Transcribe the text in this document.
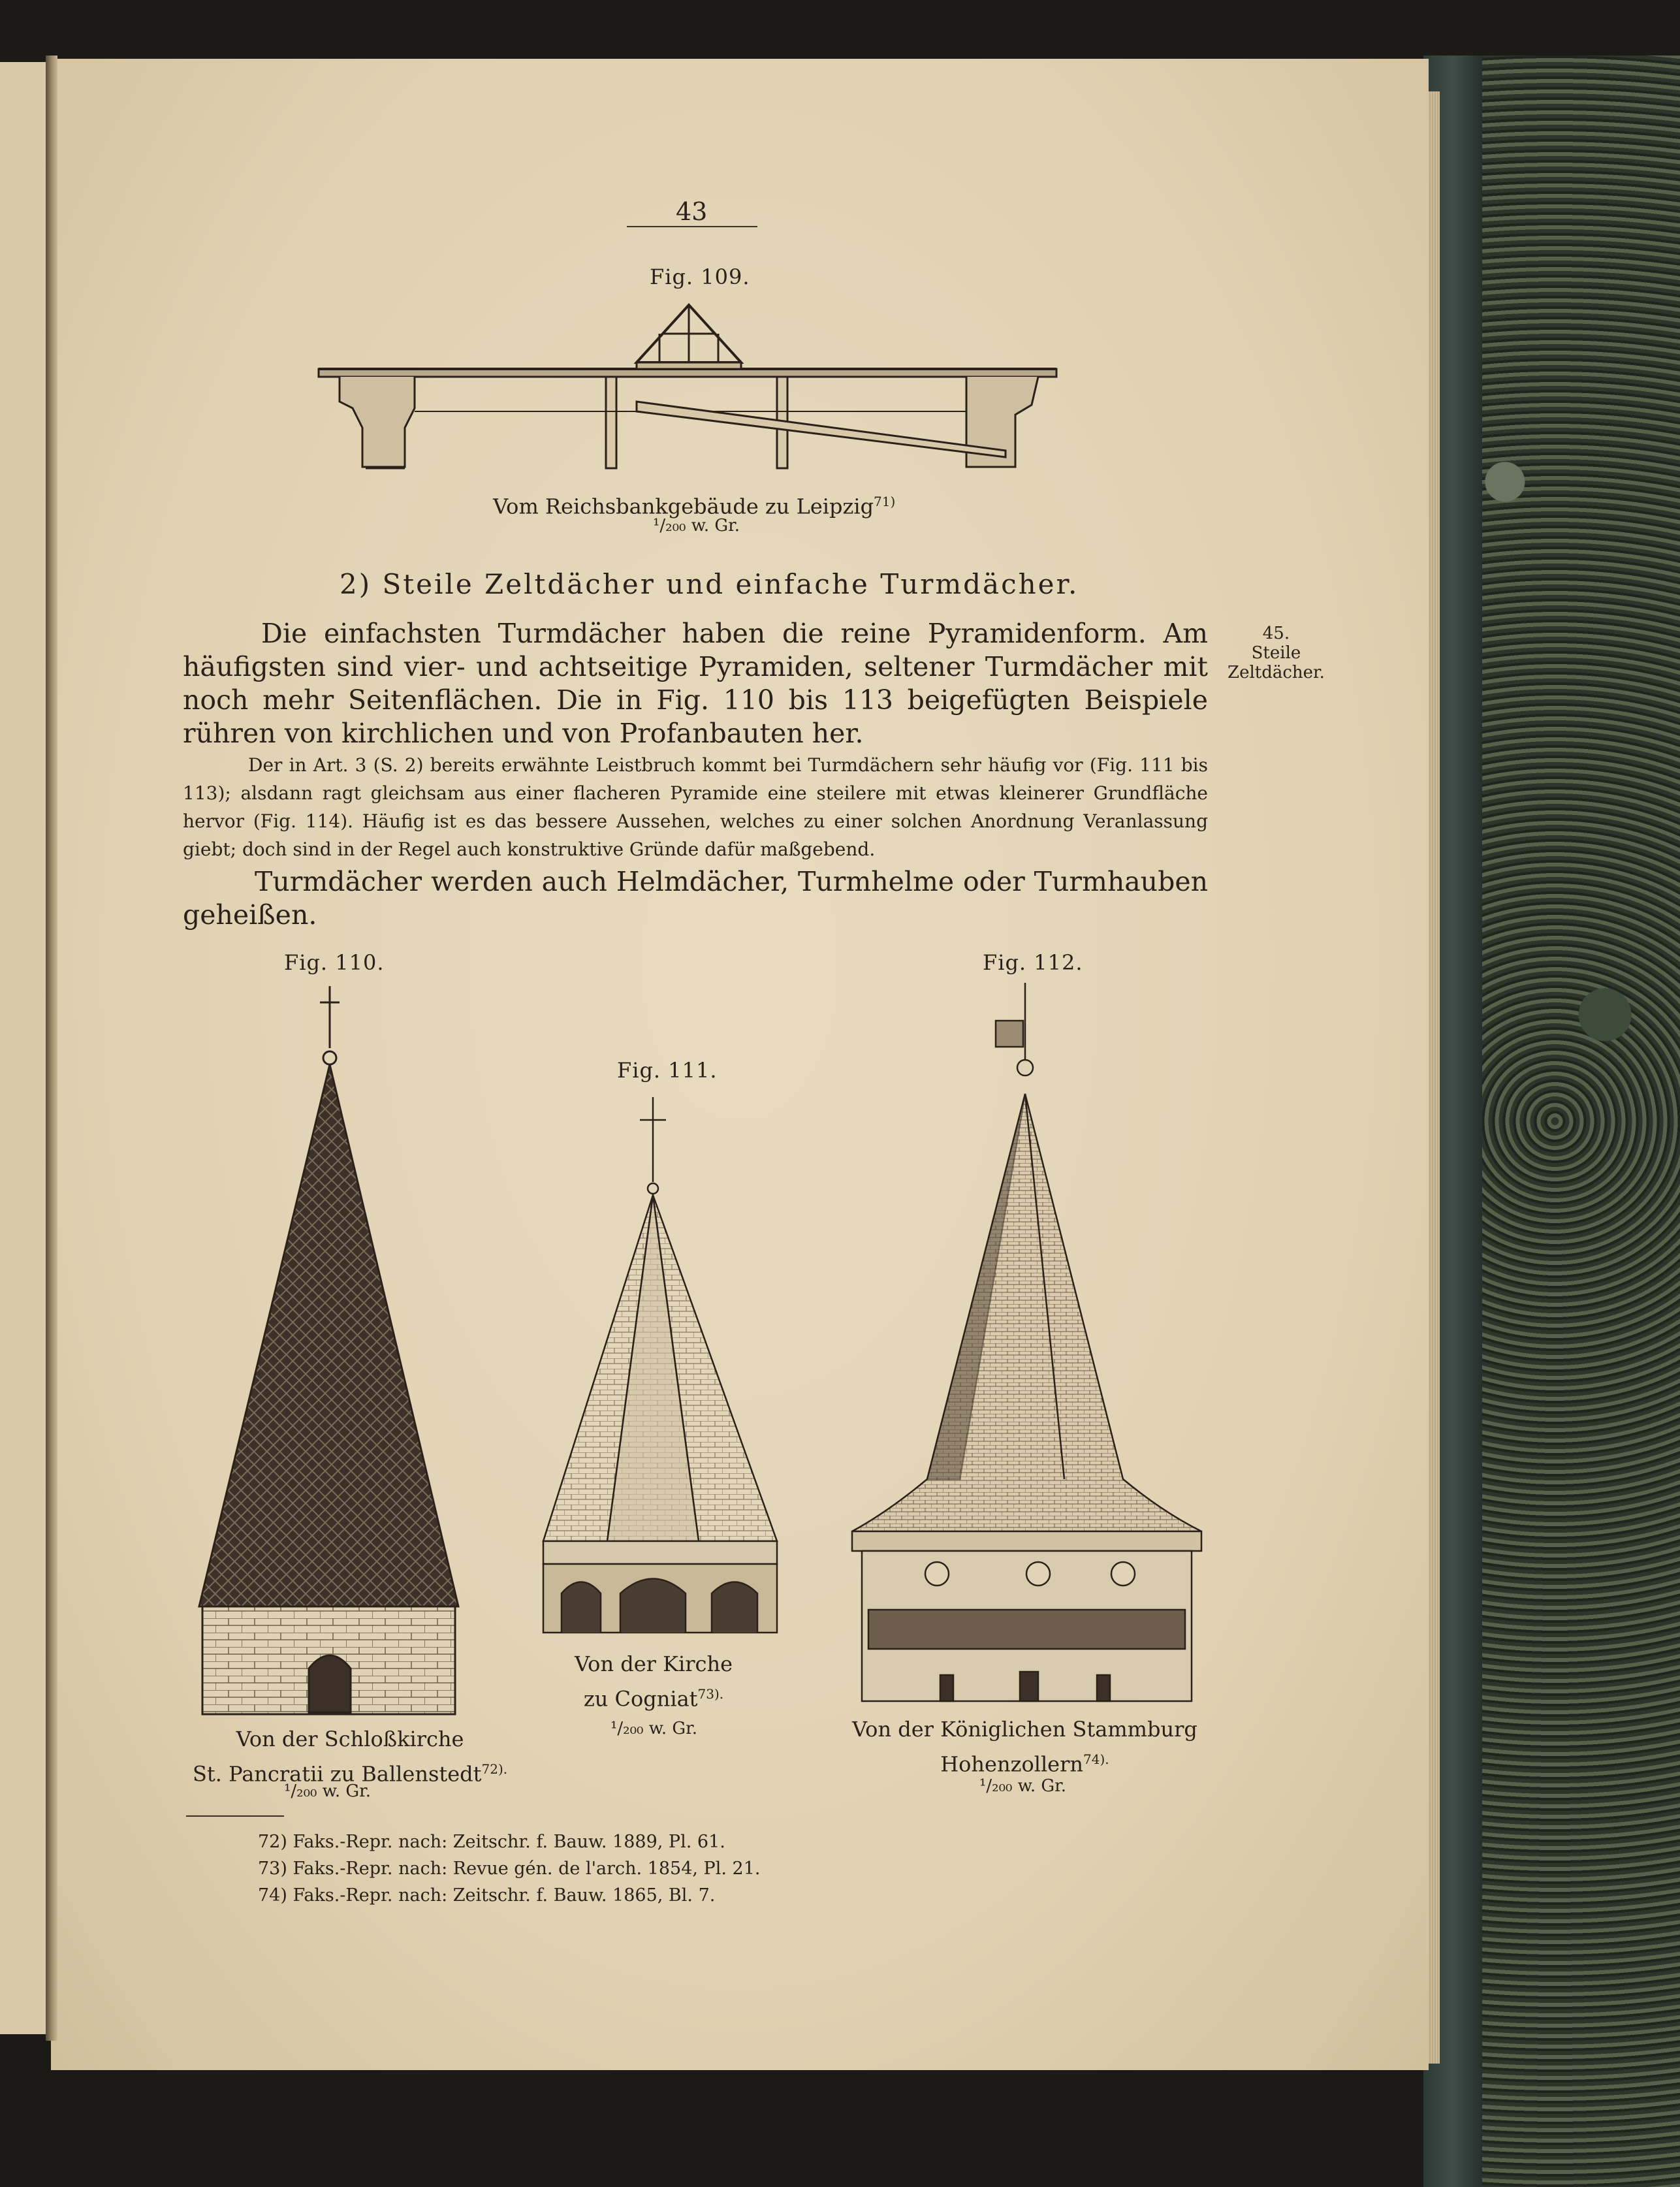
43
Fig. 109.
Vom Reichsbankgebäude zu Leipzig$^{71)}$
¹/₂₀₀ w. Gr.
2) Steile Zeltdächer und einfache Turmdächer.
45.
Steile
Zeltdächer.
Die einfachsten Turmdächer haben die reine Pyramidenform. Am häufigsten sind vier- und achtseitige Pyramiden, seltener Turmdächer mit noch mehr Seitenflächen. Die in Fig. 110 bis 113 beigefügten Beispiele rühren von kirchlichen und von Profanbauten her.
Der in Art. 3 (S. 2) bereits erwähnte Leistbruch kommt bei Turmdächern sehr häufig vor (Fig. 111 bis 113); alsdann ragt gleichsam aus einer flacheren Pyramide eine steilere mit etwas kleinerer Grundfläche hervor (Fig. 114). Häufig ist es das bessere Aussehen, welches zu einer solchen Anordnung Veranlassung giebt; doch sind in der Regel auch konstruktive Gründe dafür maßgebend.
Turmdächer werden auch Helmdächer, Turmhelme oder Turmhauben geheißen.
Fig. 110.
Fig. 111.
Fig. 112.
Von der Kirche
zu Cogniat$^{73).}$
¹/₂₀₀ w. Gr.	Von der Königlichen Stammburg
Hohenzollern$^{74).}$
¹/₂₀₀ w. Gr.
Von der Schloßkirche
St. Pancratii zu Ballenstedt$^{72).}$
¹/₂₀₀ w. Gr.
72) Faks.-Repr. nach: Zeitschr. f. Bauw. 1889, Pl. 61.
73) Faks.-Repr. nach: Revue gén. de l'arch. 1854, Pl. 21.
74) Faks.-Repr. nach: Zeitschr. f. Bauw. 1865, Bl. 7.
